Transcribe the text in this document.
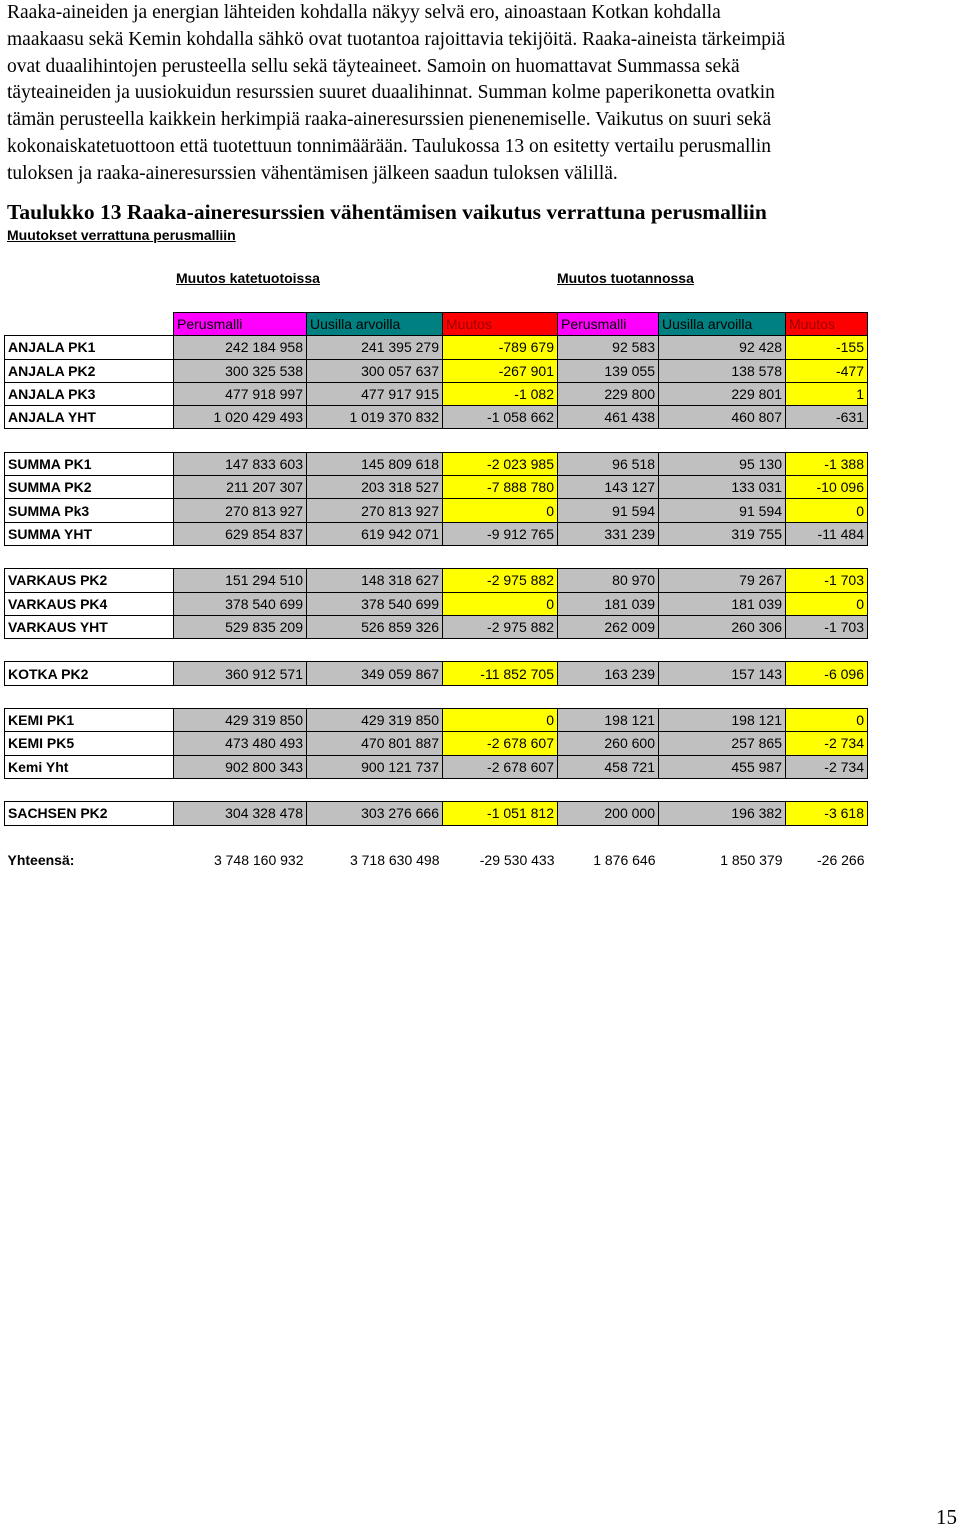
Raaka-aineiden ja energian lähteiden kohdalla näkyy selvä ero, ainoastaan Kotkan kohdalla

maakaasu sekä Kemin kohdalla sähkö ovat tuotantoa rajoittavia tekijöitä. Raaka-aineista tärkeimpiä

ovat duaalihintojen perusteella sellu sekä täyteaineet. Samoin on huomattavat Summassa sekä

täyteaineiden ja uusiokuidun resurssien suuret duaalihinnat. Summan kolme paperikonetta ovatkin

tämän perusteella kaikkein herkimpiä raaka-aineresurssien pienenemiselle. Vaikutus on suuri sekä

kokonaiskatetuottoon että tuotettuun tonnimäärään. Taulukossa 13 on esitetty vertailu perusmallin

tuloksen ja raaka-aineresurssien vähentämisen jälkeen saadun tuloksen välillä.

Taulukko 13 Raaka-aineresurssien vähentämisen vaikutus verrattuna perusmalliin
Muutokset verrattuna perusmalliin
Muutos katetuotoissa	Muutos tuotannossa
	Perusmalli	Uusilla arvoilla	Muutos	Perusmalli	Uusilla arvoilla	Muutos
ANJALA PK1	242 184 958	241 395 279	-789 679	92 583	92 428	-155
ANJALA PK2	300 325 538	300 057 637	-267 901	139 055	138 578	-477
ANJALA PK3	477 918 997	477 917 915	-1 082	229 800	229 801	1
ANJALA YHT	1 020 429 493	1 019 370 832	-1 058 662	461 438	460 807	-631

SUMMA PK1	147 833 603	145 809 618	-2 023 985	96 518	95 130	-1 388
SUMMA PK2	211 207 307	203 318 527	-7 888 780	143 127	133 031	-10 096
SUMMA Pk3	270 813 927	270 813 927	0	91 594	91 594	0
SUMMA YHT	629 854 837	619 942 071	-9 912 765	331 239	319 755	-11 484

VARKAUS PK2	151 294 510	148 318 627	-2 975 882	80 970	79 267	-1 703
VARKAUS PK4	378 540 699	378 540 699	0	181 039	181 039	0
VARKAUS YHT	529 835 209	526 859 326	-2 975 882	262 009	260 306	-1 703

KOTKA PK2	360 912 571	349 059 867	-11 852 705	163 239	157 143	-6 096

KEMI PK1	429 319 850	429 319 850	0	198 121	198 121	0
KEMI PK5	473 480 493	470 801 887	-2 678 607	260 600	257 865	-2 734
Kemi Yht	902 800 343	900 121 737	-2 678 607	458 721	455 987	-2 734

SACHSEN PK2	304 328 478	303 276 666	-1 051 812	200 000	196 382	-3 618

Yhteensä:	3 748 160 932	3 718 630 498	-29 530 433	1 876 646	1 850 379	-26 266
15
